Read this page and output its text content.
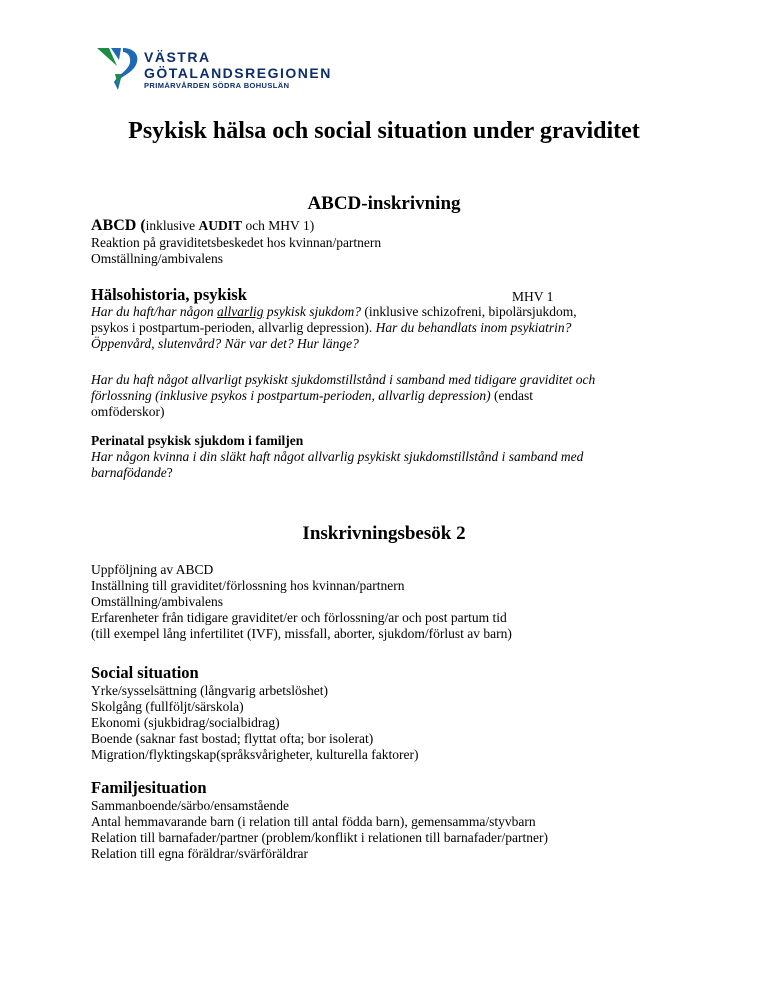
VÄSTRA
GÖTALANDSREGIONEN
PRIMÄRVÅRDEN SÖDRA BOHUSLÄN
Psykisk hälsa och social situation under graviditet
ABCD-inskrivning
ABCD (inklusive AUDIT och MHV 1)
Reaktion på graviditetsbeskedet hos kvinnan/partnern
Omställning/ambivalens
Hälsohistoria, psykisk	MHV 1
Har du haft/har någon allvarlig psykisk sjukdom? (inklusive schizofreni, bipolärsjukdom,
psykos i postpartum-perioden, allvarlig depression). Har du behandlats inom psykiatrin?
Öppenvård, slutenvård? När var det? Hur länge?
Har du haft något allvarligt psykiskt sjukdomstillstånd i samband med tidigare graviditet och
förlossning (inklusive psykos i postpartum-perioden, allvarlig depression) (endast
omföderskor)
Perinatal psykisk sjukdom i familjen
Har någon kvinna i din släkt haft något allvarlig psykiskt sjukdomstillstånd i samband med
barnafödande?
Inskrivningsbesök 2
Uppföljning av ABCD
Inställning till graviditet/förlossning hos kvinnan/partnern
Omställning/ambivalens
Erfarenheter från tidigare graviditet/er och förlossning/ar och post partum tid
(till exempel lång infertilitet (IVF), missfall, aborter, sjukdom/förlust av barn)
Social situation
Yrke/sysselsättning (långvarig arbetslöshet)
Skolgång (fullföljt/särskola)
Ekonomi (sjukbidrag/socialbidrag)
Boende (saknar fast bostad; flyttat ofta; bor isolerat)
Migration/flyktingskap(språksvårigheter, kulturella faktorer)
Familjesituation
Sammanboende/särbo/ensamstående
Antal hemmavarande barn (i relation till antal födda barn), gemensamma/styvbarn
Relation till barnafader/partner (problem/konflikt i relationen till barnafader/partner)
Relation till egna föräldrar/svärföräldrar
